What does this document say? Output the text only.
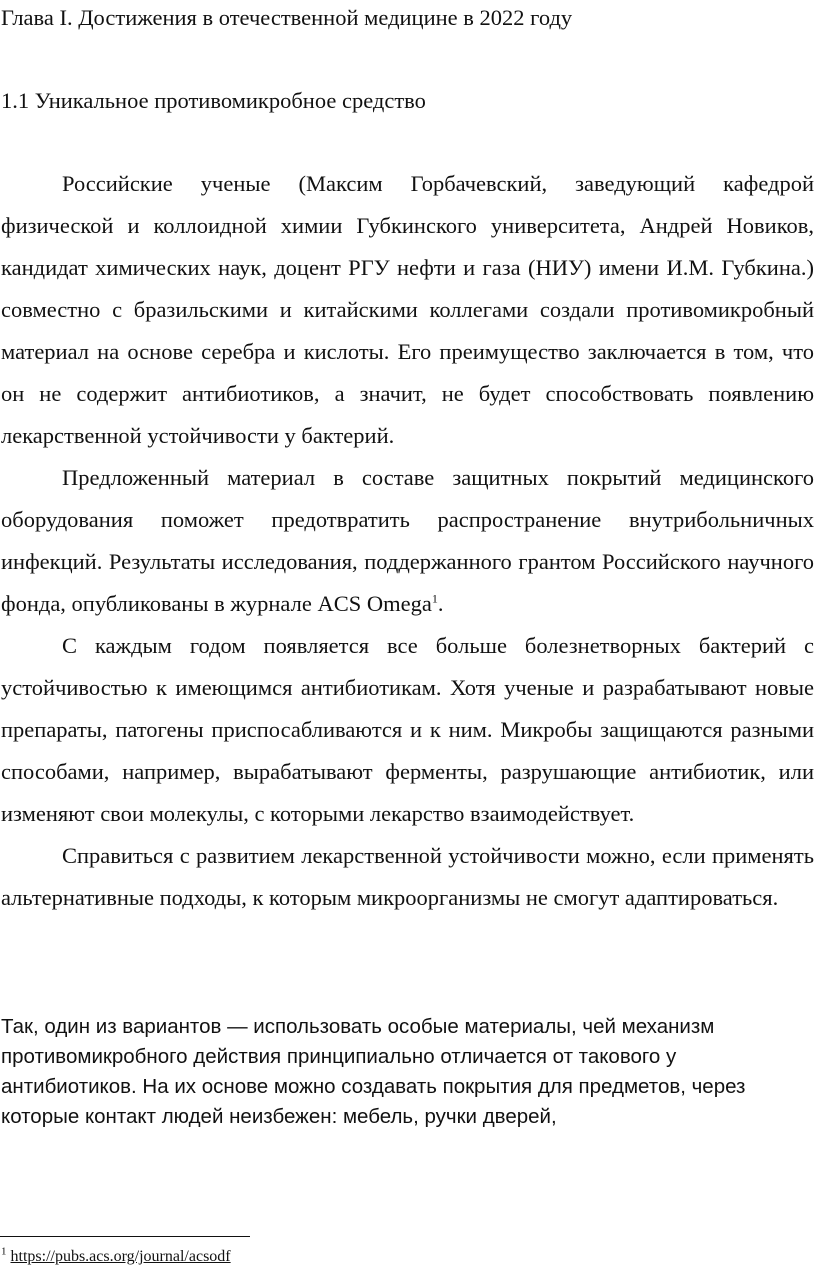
Глава I. Достижения в отечественной медицине в 2022 году
1.1 Уникальное противомикробное средство

Российские ученые (Максим Горбачевский, заведующий кафедрой физической и коллоидной химии Губкинского университета, Андрей Новиков, кандидат химических наук, доцент РГУ нефти и газа (НИУ) имени И.М. Губкина.) совместно с бразильскими и китайскими коллегами создали противомикробный материал на основе серебра и кислоты. Его преимущество заключается в том, что он не содержит антибиотиков, а значит, не будет способствовать появлению лекарственной устойчивости у бактерий.

Предложенный материал в составе защитных покрытий медицинского оборудования поможет предотвратить распространение внутрибольничных инфекций. Результаты исследования, поддержанного грантом Российского научного фонда, опубликованы в журнале ACS Omega$^1$.

С каждым годом появляется все больше болезнетворных бактерий с устойчивостью к имеющимся антибиотикам. Хотя ученые и разрабатывают новые препараты, патогены приспосабливаются и к ним. Микробы защищаются разными способами, например, вырабатывают ферменты, разрушающие антибиотик, или изменяют свои молекулы, с которыми лекарство взаимодействует.

Справиться с развитием лекарственной устойчивости можно, если применять альтернативные подходы, к которым микроорганизмы не смогут адаптироваться.

Так, один из вариантов — использовать особые материалы, чей механизм противомикробного действия принципиально отличается от такового у антибиотиков. На их основе можно создавать покрытия для предметов, через которые контакт людей неизбежен: мебель, ручки дверей,

$^1$ https://pubs.acs.org/journal/acsodf
